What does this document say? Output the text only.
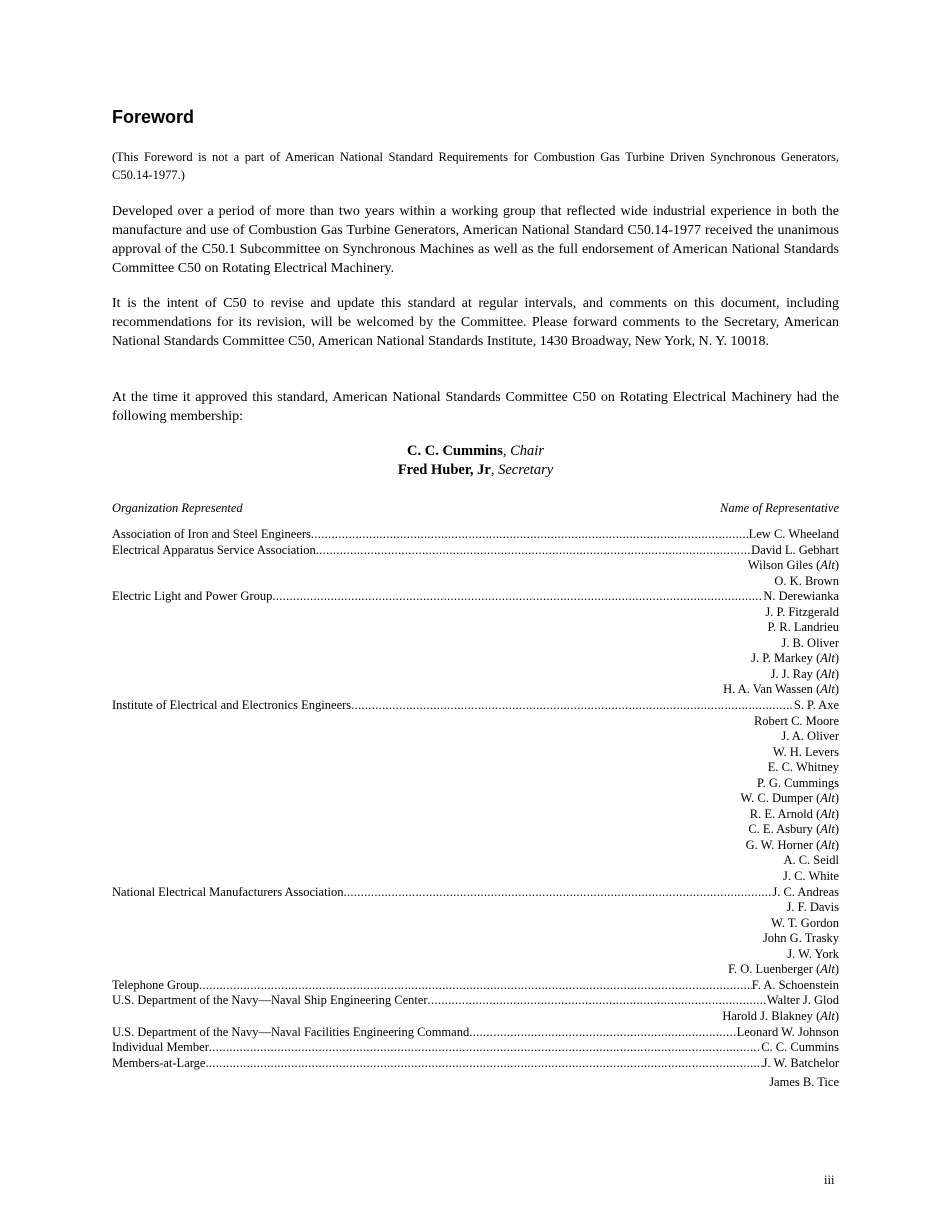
Foreword
(This Foreword is not a part of American National Standard Requirements for Combustion Gas Turbine Driven Synchronous Generators, C50.14-1977.)
Developed over a period of more than two years within a working group that reflected wide industrial experience in both the manufacture and use of Combustion Gas Turbine Generators, American National Standard C50.14-1977 received the unanimous approval of the C50.1 Subcommittee on Synchronous Machines as well as the full endorsement of American National Standards Committee C50 on Rotating Electrical Machinery.
It is the intent of C50 to revise and update this standard at regular intervals, and comments on this document, including recommendations for its revision, will be welcomed by the Committee. Please forward comments to the Secretary, American National Standards Committee C50, American National Standards Institute, 1430 Broadway, New York, N. Y. 10018.
At the time it approved this standard, American National Standards Committee C50 on Rotating Electrical Machinery had the following membership:
C. C. Cummins, Chair
Fred Huber, Jr, Secretary
Organization Represented	Name of Representative
Association of Iron and Steel Engineers .....	Lew C. Wheeland
Electrical Apparatus Service Association .....	David L. Gebhart
Wilson Giles (Alt)
O. K. Brown
Electric Light and Power Group .....	N. Derewianka
J. P. Fitzgerald
P. R. Landrieu
J. B. Oliver
J. P. Markey (Alt)
J. J. Ray (Alt)
H. A. Van Wassen (Alt)
Institute of Electrical and Electronics Engineers .....	S. P. Axe
Robert C. Moore
J. A. Oliver
W. H. Levers
E. C. Whitney
P. G. Cummings
W. C. Dumper (Alt)
R. E. Arnold (Alt)
C. E. Asbury (Alt)
G. W. Horner (Alt)
A. C. Seidl
J. C. White
National Electrical Manufacturers Association .....	J. C. Andreas
J. F. Davis
W. T. Gordon
John G. Trasky
J. W. York
F. O. Luenberger (Alt)
Telephone Group .....	F. A. Schoenstein
U.S. Department of the Navy—Naval Ship Engineering Center .....	Walter J. Glod
Harold J. Blakney (Alt)
U.S. Department of the Navy—Naval Facilities Engineering Command .....	Leonard W. Johnson
Individual Member .....	C. C. Cummins
Members-at-Large .....	J. W. Batchelor
James B. Tice
iii
